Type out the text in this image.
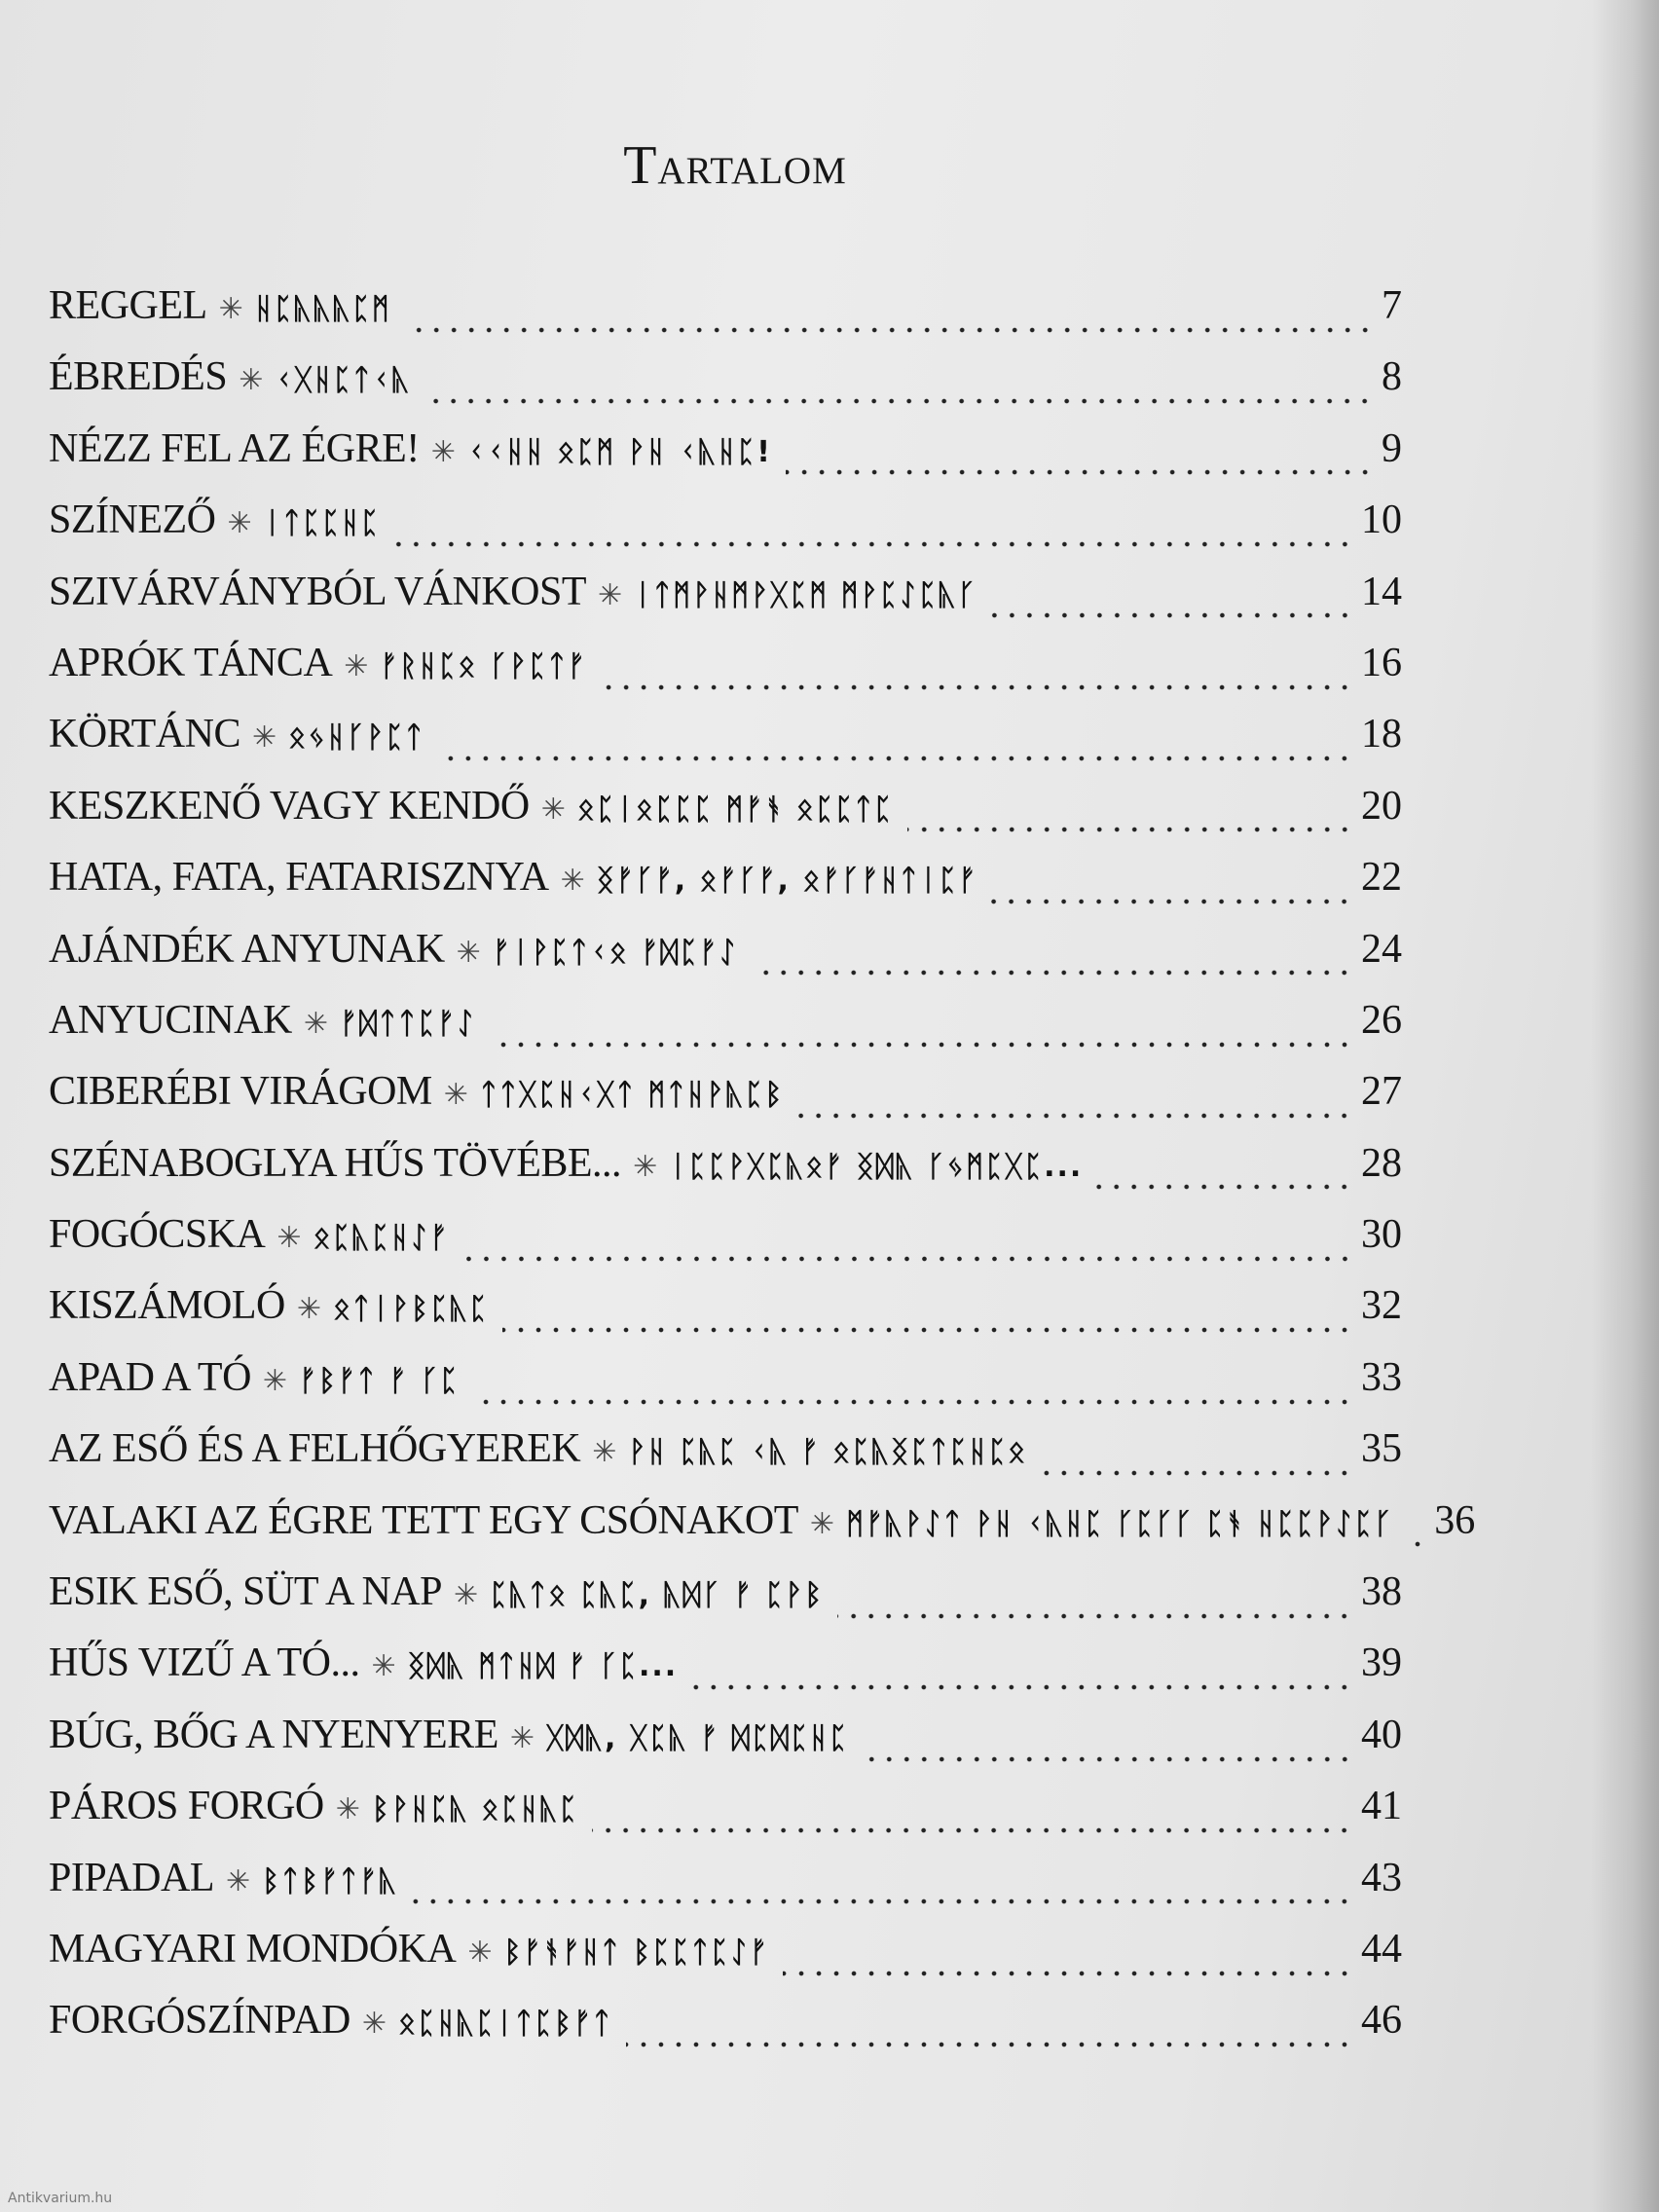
Tartalom
REGGEL ✳ ᚺᛈᚣᚣᚣᛈᛗ	7
ÉBREDÉS ✳ ᚲᚷᚺᛈᛏᚲᚣ	8
NÉZZ FEL AZ ÉGRE! ✳ ᚲᚲᚺᚺ ᛟᛈᛗ ᚹᚺ ᚲᚣᚺᛈ!	9
SZÍNEZŐ ✳ ᛁᛏᛈᛈᚺᛈ	10
SZIVÁRVÁNYBÓL VÁNKOST ✳ ᛁᛏᛗᚹᚺᛗᚹᚷᛈᛗ ᛗᚹᛈᛇᛈᚣᚴ	14
APRÓK TÁNCA ✳ ᚠᚱᚺᛈᛟ ᚴᚹᛈᛏᚠ	16
KÖRTÁNC ✳ ᛟᛃᚺᚴᚹᛈᛏ	18
KESZKENŐ VAGY KENDŐ ✳ ᛟᛈᛁᛟᛈᛈᛈ ᛗᚠᚬ ᛟᛈᛈᛏᛈ	20
HATA, FATA, FATARISZNYA ✳ ᛝᚠᚴᚠ, ᛟᚠᚴᚠ, ᛟᚠᚴᚠᚺᛏᛁᛈᚠ	22
AJÁNDÉK ANYUNAK ✳ ᚠᛁᚹᛈᛏᚲᛟ ᚠᛞᛈᚠᛇ	24
ANYUCINAK ✳ ᚠᛞᛏᛏᛈᚠᛇ	26
CIBERÉBI VIRÁGOM ✳ ᛏᛏᚷᛈᚺᚲᚷᛏ ᛗᛏᚺᚹᚣᛈᛒ	27
SZÉNABOGLYA HŰS TÖVÉBE... ✳ ᛁᛈᛈᚹᚷᛈᚣᛟᚠ ᛝᛞᚣ ᚴᛃᛗᛈᚷᛈ...	28
FOGÓCSKA ✳ ᛟᛈᚣᛈᚺᛇᚠ	30
KISZÁMOLÓ ✳ ᛟᛏᛁᚹᛒᛈᚣᛈ	32
APAD A TÓ ✳ ᚠᛒᚠᛏ ᚠ ᚴᛈ	33
AZ ESŐ ÉS A FELHŐGYEREK ✳ ᚹᚺ ᛈᚣᛈ ᚲᚣ ᚠ ᛟᛈᚣᛝᛈᛏᛈᚺᛈᛟ	35
VALAKI AZ ÉGRE TETT EGY CSÓNAKOT ✳ ᛗᚠᚣᚹᛇᛏ ᚹᚺ ᚲᚣᚺᛈ ᚴᛈᚴᚴ ᛈᚬ ᚺᛈᛈᚹᛇᛈᚴ 36
ESIK ESŐ, SÜT A NAP ✳ ᛈᚣᛏᛟ ᛈᚣᛈ, ᚣᛞᚴ ᚠ ᛈᚹᛒ	38
HŰS VIZŰ A TÓ... ✳ ᛝᛞᚣ ᛗᛏᚺᛞ ᚠ ᚴᛈ...	39
BÚG, BŐG A NYENYERE ✳ ᚷᛞᚣ, ᚷᛈᚣ ᚠ ᛞᛈᛞᛈᚺᛈ	40
PÁROS FORGÓ ✳ ᛒᚹᚺᛈᚣ ᛟᛈᚺᚣᛈ	41
PIPADAL ✳ ᛒᛏᛒᚠᛏᚠᚣ	43
MAGYARI MONDÓKA ✳ ᛒᚠᚬᚠᚺᛏ ᛒᛈᛈᛏᛈᛇᚠ	44
FORGÓSZÍNPAD ✳ ᛟᛈᚺᚣᛈᛁᛏᛈᛒᚠᛏ	46
Antikvarium.hu
